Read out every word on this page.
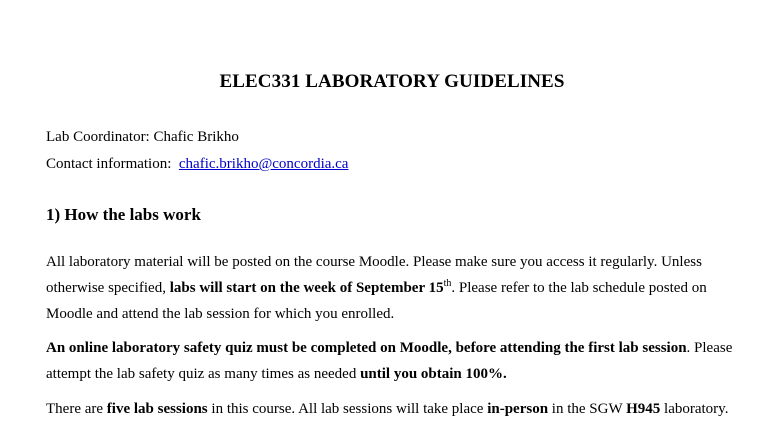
ELEC331 LABORATORY GUIDELINES
Lab Coordinator: Chafic Brikho
Contact information: chafic.brikho@concordia.ca
1) How the labs work
All laboratory material will be posted on the course Moodle. Please make sure you access it regularly. Unless otherwise specified, labs will start on the week of September 15th. Please refer to the lab schedule posted on Moodle and attend the lab session for which you enrolled.
An online laboratory safety quiz must be completed on Moodle, before attending the first lab session. Please attempt the lab safety quiz as many times as needed until you obtain 100%.
There are five lab sessions in this course. All lab sessions will take place in-person in the SGW H945 laboratory.
